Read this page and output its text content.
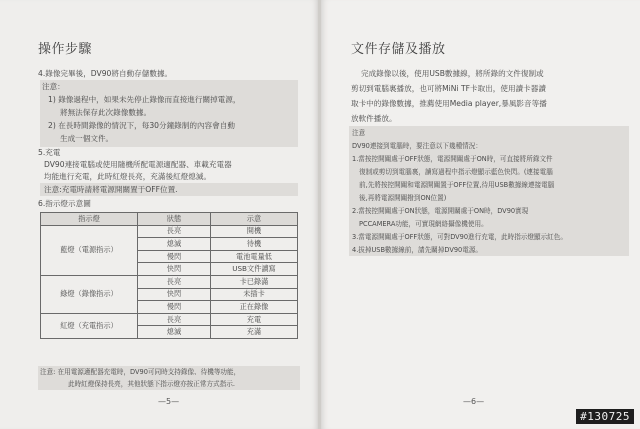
操作步驟
4.錄像完畢後，DV90將自動存儲數據。
注意：
1) 錄像過程中，如果未先停止錄像而直接進行關掉電源，
將無法保存此次錄像數據。
2) 在長時間錄像的情況下，每30分鐘錄制的內容會自動
生成一個文件。
5.充電
DV90連接電腦或使用隨機所配電源適配器、車載充電器
均能進行充電，此時紅燈長亮，充滿後紅燈熄滅。
注意:充電時請將電源開關置于OFF位置.
6.指示燈示意圖
指示燈	狀態	示意
藍燈（電源指示）	長亮	開機
	熄滅	待機
	慢閃	電池電量低
	快閃	USB文件讀寫
綠燈（錄像指示）	長亮	卡已錄滿
	快閃	未插卡
	慢閃	正在錄像
紅燈（充電指示）	長亮	充電
	熄滅	充滿
注意: 在用電源適配器充電時，DV90可同時支持錄像、待機等功能，
此時紅燈保持長亮，其他狀態下指示燈亦按正常方式指示.
—5—
文件存儲及播放
完成錄像以後，使用USB數據線，將所錄的文件復制或
剪切到電腦裏播放，也可將MiNi TF卡取出，使用讀卡器讀
取卡中的錄像數據，推薦使用Media player,暴風影音等播
放軟件播放。
注意
DV90連接到電腦時，要注意以下幾種情況：
1.當按控開關處于OFF狀態，電源開關處于ON時，可直接將所錄文件
復制或剪切到電腦裏，讀寫過程中指示燈顯示藍色快閃。(連接電腦
前,先將按控開關和電源開關置于OFF位置,待用USB數據線連接電腦
後,再將電源開關撥到ON位置)
2.當按控開關處于ON狀態，電源開關處于ON時，DV90實現
PCCAMERA功能，可實現網絡攝像機使用。
3.當電源開關處于OFF狀態，可對DV90進行充電，此時指示燈顯示紅色。
4.拔掉USB數據線前，請先關掉DV90電源。
—6—
#130725
